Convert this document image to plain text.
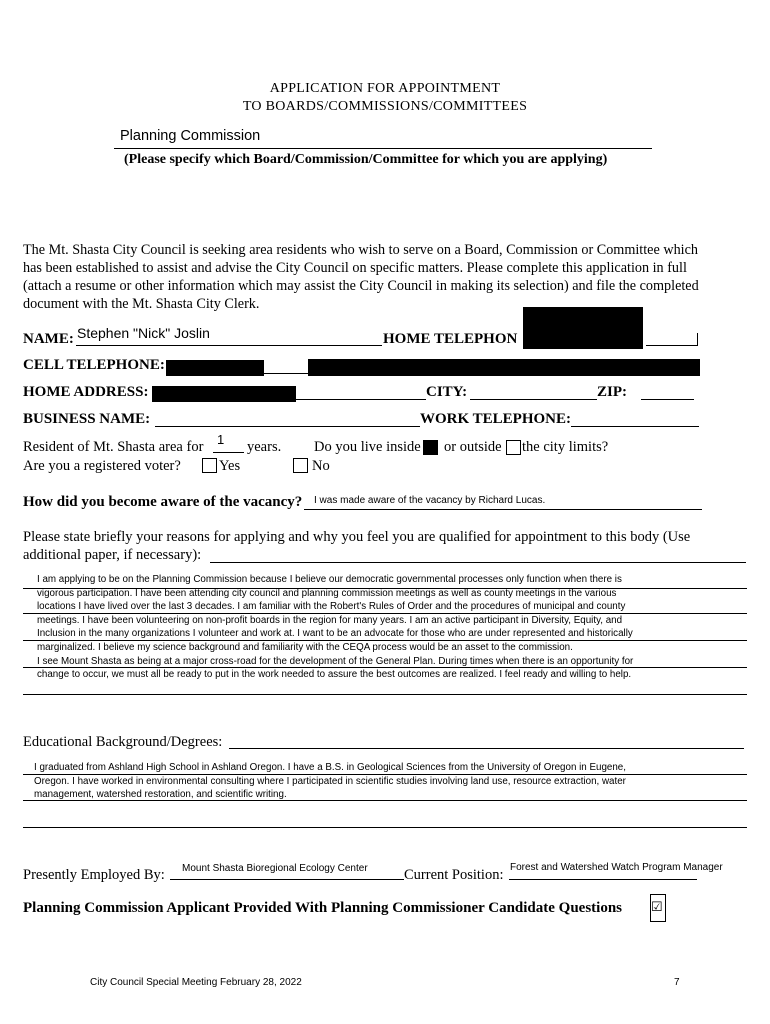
APPLICATION FOR APPOINTMENT
TO BOARDS/COMMISSIONS/COMMITTEES
Planning Commission
(Please specify which Board/Commission/Committee for which you are applying)
The Mt. Shasta City Council is seeking area residents who wish to serve on a Board, Commission or Committee which
has been established to assist and advise the City Council on specific matters. Please complete this application in full
(attach a resume or other information which may assist the City Council in making its selection) and file the completed
document with the Mt. Shasta City Clerk.
NAME: Stephen "Nick" Joslin	HOME TELEPHON
CELL TELEPHONE:
HOME ADDRESS:	CITY:	ZIP:
BUSINESS NAME:	WORK TELEPHONE:
Resident of Mt. Shasta area for 1 years. Do you live inside or outside the city limits?
Are you a registered voter?	Yes	No
How did you become aware of the vacancy? I was made aware of the vacancy by Richard Lucas.
Please state briefly your reasons for applying and why you feel you are qualified for appointment to this body (Use
additional paper, if necessary):
I am applying to be on the Planning Commission because I believe our democratic governmental processes only function when there is
vigorous participation. I have been attending city council and planning commission meetings as well as county meetings in the various
locations I have lived over the last 3 decades. I am familiar with the Robert's Rules of Order and the procedures of municipal and county
meetings. I have been volunteering on non-profit boards in the region for many years. I am an active participant in Diversity, Equity, and
Inclusion in the many organizations I volunteer and work at. I want to be an advocate for those who are under represented and historically
marginalized. I believe my science background and familiarity with the CEQA process would be an asset to the commission.
I see Mount Shasta as being at a major cross-road for the development of the General Plan. During times when there is an opportunity for
change to occur, we must all be ready to put in the work needed to assure the best outcomes are realized. I feel ready and willing to help.
Educational Background/Degrees:
I graduated from Ashland High School in Ashland Oregon. I have a B.S. in Geological Sciences from the University of Oregon in Eugene,
Oregon. I have worked in environmental consulting where I participated in scientific studies involving land use, resource extraction, water
management, watershed restoration, and scientific writing.
Presently Employed By: Mount Shasta Bioregional Ecology Center	Current Position: Forest and Watershed Watch Program Manager
Planning Commission Applicant Provided With Planning Commissioner Candidate Questions ☑
City Council Special Meeting February 28, 2022	7
